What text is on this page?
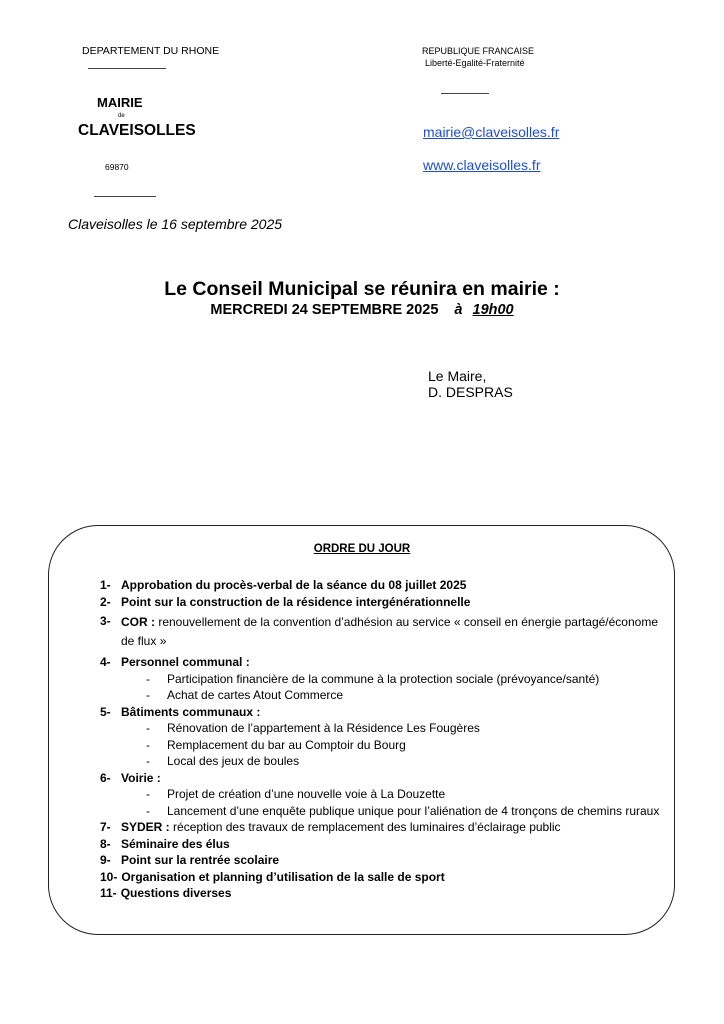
DEPARTEMENT DU RHONE
MAIRIE
de
CLAVEISOLLES
69870
Claveisolles le 16 septembre 2025
REPUBLIQUE FRANCAISE
Liberté-Egalité-Fraternité
mairie@claveisolles.fr
www.claveisolles.fr
Le Conseil Municipal se réunira en mairie :
MERCREDI 24 SEPTEMBRE 2025 à 19h00
Le Maire,
D. DESPRAS
ORDRE DU JOUR
1- Approbation du procès-verbal de la séance du 08 juillet 2025
2- Point sur la construction de la résidence intergénérationnelle
3- COR : renouvellement de la convention d’adhésion au service « conseil en énergie partagé/économe de flux »
4- Personnel communal :
-	Participation financière de la commune à la protection sociale (prévoyance/santé)
-	Achat de cartes Atout Commerce
5- Bâtiments communaux :
-	Rénovation de l’appartement à la Résidence Les Fougères
-	Remplacement du bar au Comptoir du Bourg
-	Local des jeux de boules
6- Voirie :
-	Projet de création d’une nouvelle voie à La Douzette
-	Lancement d’une enquête publique unique pour l’aliénation de 4 tronçons de chemins ruraux
7- SYDER : réception des travaux de remplacement des luminaires d’éclairage public
8- Séminaire des élus
9- Point sur la rentrée scolaire
10- Organisation et planning d’utilisation de la salle de sport
11- Questions diverses
